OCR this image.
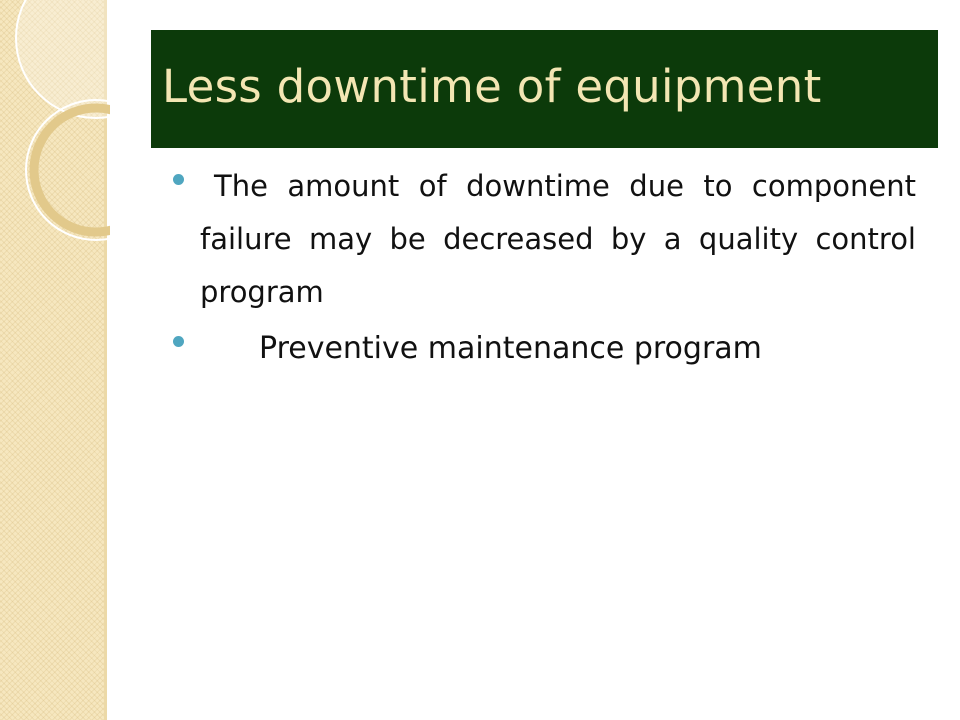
Less downtime of equipment
The amount of downtime due to component failure may be decreased by a quality control program
Preventive maintenance program
